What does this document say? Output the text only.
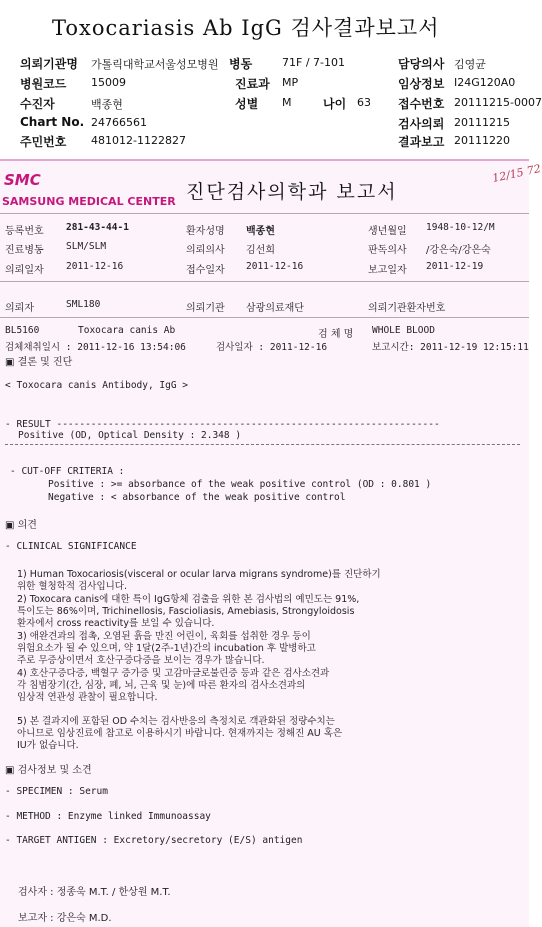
Toxocariasis Ab IgG 검사결과보고서
의뢰기관명 가톨릭대학교서울성모병원 병동	71F / 7-101	담당의사 김영균
병원코드 15009	진료과 MP	임상정보 I24G120A0
수진자	백종현	성별 M	나이 63 접수번호 20111215-0007
Chart No. 24766561	검사의뢰 20111215
주민번호 481012-1122827	결과보고 20111220
SMC
SAMSUNG MEDICAL CENTER 진단검사의학과 보고서
12/15 72
등록번호 281-43-44-1	환자성명 백종현	생년월일 1948-10-12/M
진료병동 SLM/SLM	의뢰의사 김선희	판독의사 /강은숙/강은숙
의뢰일자 2011-12-16	접수일자 2011-12-16	보고일자 2011-12-19
의뢰자	SML180	의뢰기관 삼광의료재단	의뢰기관환자번호
BL5160	Toxocara canis Ab	검 체 명 WHOLE BLOOD
검체채취일시 : 2011-12-16 13:54:06	검사일자 : 2011-12-16	보고시간: 2011-12-19 12:15:11
▣ 결론 및 진단
< Toxocara canis Antibody, IgG >
- RESULT -------------------------------------------------------------------
Positive (OD, Optical Density : 2.348 )
- CUT-OFF CRITERIA :
Positive : >= absorbance of the weak positive control (OD : 0.801 )
Negative : < absorbance of the weak positive control
▣ 의견
- CLINICAL SIGNIFICANCE
1) Human Toxocariosis(visceral or ocular larva migrans syndrome)를 진단하기
위한 혈청학적 검사입니다.
2) Toxocara canis에 대한 특이 IgG항체 검출을 위한 본 검사법의 예민도는 91%,
특이도는 86%이며, Trichinellosis, Fascioliasis, Amebiasis, Strongyloidosis
환자에서 cross reactivity를 보일 수 있습니다.
3) 애완견과의 접촉, 오염된 흙을 만진 어린이, 육회를 섭취한 경우 등이
위험요소가 될 수 있으며, 약 1달(2주-1년)간의 incubation 후 발병하고
주로 무증상이면서 호산구증다증을 보이는 경우가 많습니다.
4) 호산구증다증, 백혈구 증가증 및 고감마글로불린증 등과 같은 검사소견과
각 침범장기(간, 심장, 폐, 뇌, 근육 및 눈)에 따른 환자의 검사소견과의
임상적 연관성 관찰이 필요합니다.
5) 본 결과지에 포함된 OD 수치는 검사반응의 측정치로 객관화된 정량수치는
아니므로 임상진료에 참고로 이용하시기 바랍니다. 현재까지는 정해진 AU 혹은
IU가 없습니다.
▣ 검사정보 및 소견
- SPECIMEN : Serum
- METHOD : Enzyme linked Immunoassay
- TARGET ANTIGEN : Excretory/secretory (E/S) antigen
검사자 : 정종욱 M.T. / 한상원 M.T.
보고자 : 강은숙 M.D.
